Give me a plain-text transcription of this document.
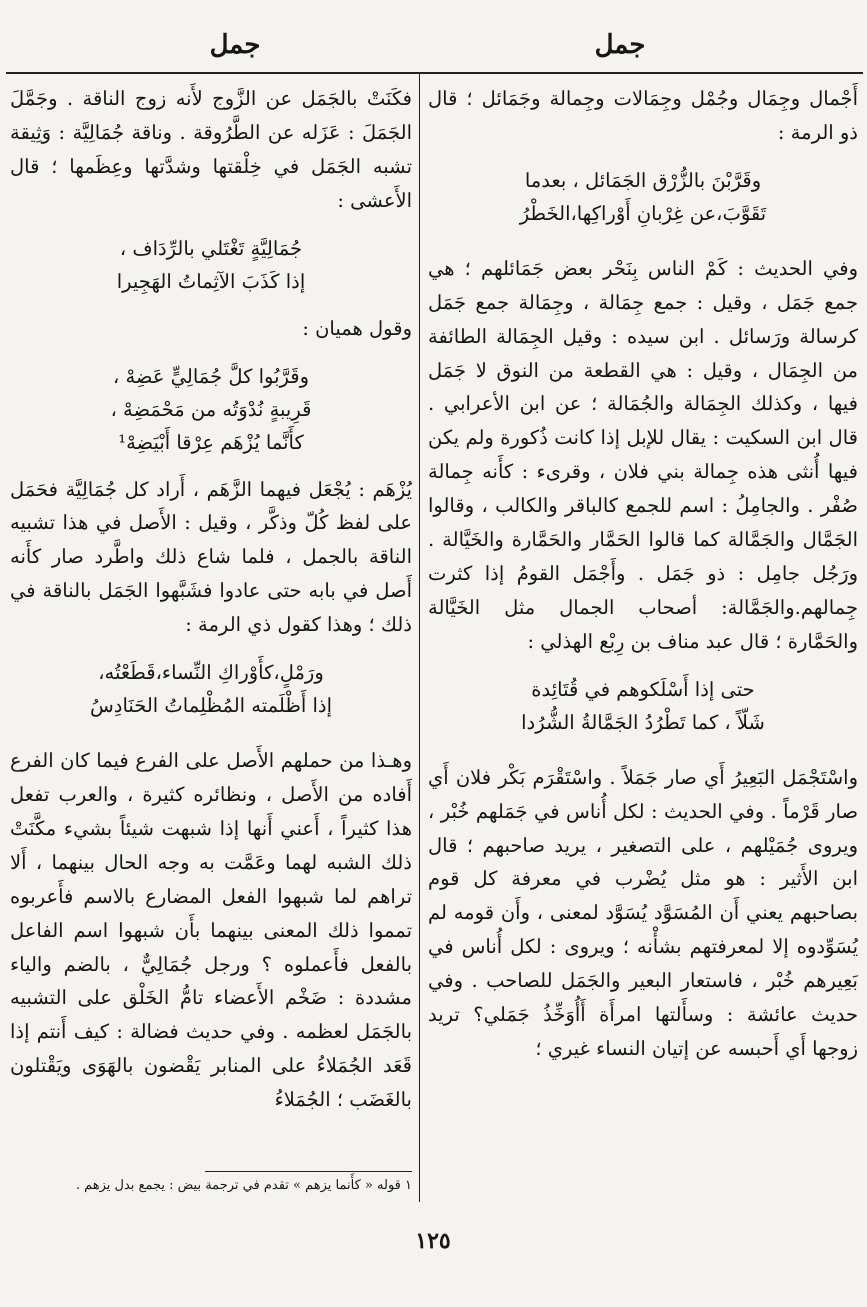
جمل
جمل

أَجْمال وجِمَال وجُمْل وجِمَالات وجِمالة وجَمَائل ؛ قال ذو الرمة :

وقَرَّبْنَ بالزُّرْق الجَمَائل ، بعدما
تَقَوَّبَ،عن غِرْبانِ أَوْراكِها،الخَطْرُ

وفي الحديث : كَمْ الناس بِنَحْر بعض جَمَائلهم ؛ هي جمع جَمَل ، وقيل : جمع جِمَالة ، وجِمَالة جمع جَمَل كرسالة ورَسائل . ابن سيده : وقيل الجِمَالة الطائفة من الجِمَال ، وقيل : هي القطعة من النوق لا جَمَل فيها ، وكذلك الجِمَالة والجُمَالة ؛ عن ابن الأعرابي . قال ابن السكيت : يقال للإبل إذا كانت ذُكورة ولم يكن فيها أُنثى هذه جِمالة بني فلان ، وقرىء : كأَنه جِمالة صُفْر . والجامِلُ : اسم للجمع كالباقر والكالب ، وقالوا الجَمَّال والجَمَّالة كما قالوا الحَمَّار والحَمَّارة والخَيَّالة . ورَجُل جامِل : ذو جَمَل . وأَجْمَل القومُ إذا كثرت جِمالهم.والجَمَّالة: أصحاب الجمال مثل الخَيَّالة والحَمَّارة ؛ قال عبد مناف بن رِبْع الهذلي :

حتى إذا أَسْلَكوهم في قُتَائِدة
شَلّاً ، كما تَطْرُدُ الجَمَّالةُ الشُّرُدا

واسْتَجْمَل البَعِيرُ أَي صار جَمَلاً . واسْتَقْرَم بَكْر فلان أَي صار قَرْماً . وفي الحديث : لكل أُناس في جَمَلهم خُبْر ، ويروى جُمَيْلهم ، على التصغير ، يريد صاحبهم ؛ قال ابن الأَثير : هو مثل يُضْرب في معرفة كل قوم بصاحبهم يعني أَن المُسَوَّد يُسَوَّد لمعنى ، وأَن قومه لم يُسَوِّدوه إلا لمعرفتهم بشأْنه ؛ ويروى : لكل أُناس في بَعِيرهم خُبْر ، فاستعار البعير والجَمَل للصاحب . وفي حديث عائشة : وسأَلتها امرأَة أَأُوَخِّذُ جَمَلي؟ تريد زوجها أَي أَحبسه عن إتيان النساء غيري ؛

فكَنَتْ بالجَمَل عن الزَّوج لأَنه زوج الناقة . وجَمَّلَ الجَمَلَ : عَزَله عن الطَّرُوقة . وناقة جُمَالِيَّة : وَثِيقة تشبه الجَمَل في خِلْقتها وشدَّتها وعِظَمها ؛ قال الأَعشى :

جُمَالِيَّةٍ تَغْتَلي بالرِّدَاف ،
إذا كَذَبَ الآثِماتُ الهَجِيرا

وقول هميان :

وقَرَّبُوا كلَّ جُمَالِيٍّ عَضِهْ ،
قَرِيبةٍ نُدْوَتُه من مَحْمَضِهْ ،
كأَنَّما يُزْهَم عِرْقا أَبْيَضِهْ¹

يُزْهَم : يُجْعَل فيهما الزَّهَم ، أَراد كل جُمَالِيَّة فحَمَل على لفظ كُلّ وذكَّر ، وقيل : الأَصل في هذا تشبيه الناقة بالجمل ، فلما شاع ذلك واطَّرد صار كأَنه أَصل في بابه حتى عادوا فشَبَّهوا الجَمَل بالناقة في ذلك ؛ وهذا كقول ذي الرمة :

ورَمْلٍ،كأَوْراكِ النِّساء،قَطَعْتُه،
إذا أَظْلَمته المُظْلِماتُ الحَنَادِسُ

وهـذا من حملهم الأَصل على الفرع فيما كان الفرع أَفاده من الأَصل ، ونظائره كثيرة ، والعرب تفعل هذا كثيراً ، أَعني أَنها إذا شبهت شيئاً بشيء مكَّنَتْ ذلك الشبه لهما وعَمَّت به وجه الحال بينهما ، أَلا تراهم لما شبهوا الفعل المضارع بالاسم فأَعربوه تمموا ذلك المعنى بينهما بأَن شبهوا اسم الفاعل بالفعل فأَعملوه ؟ ورجل جُمَالِيٌّ ، بالضم والياء مشددة : ضَخْم الأَعضاء تامُّ الخَلْق على التشبيه بالجَمَل لعظمه . وفي حديث فضالة : كيف أَنتم إذا قَعَد الجُمَلاءُ على المنابر يَقْضون بالهَوَى ويَقْتلون بالغَضَب ؛ الجُمَلاءُ

١ قوله « كأَنما يزهم » تقدم في ترجمة بيض : يجمع بدل يزهم .
١٢٥
